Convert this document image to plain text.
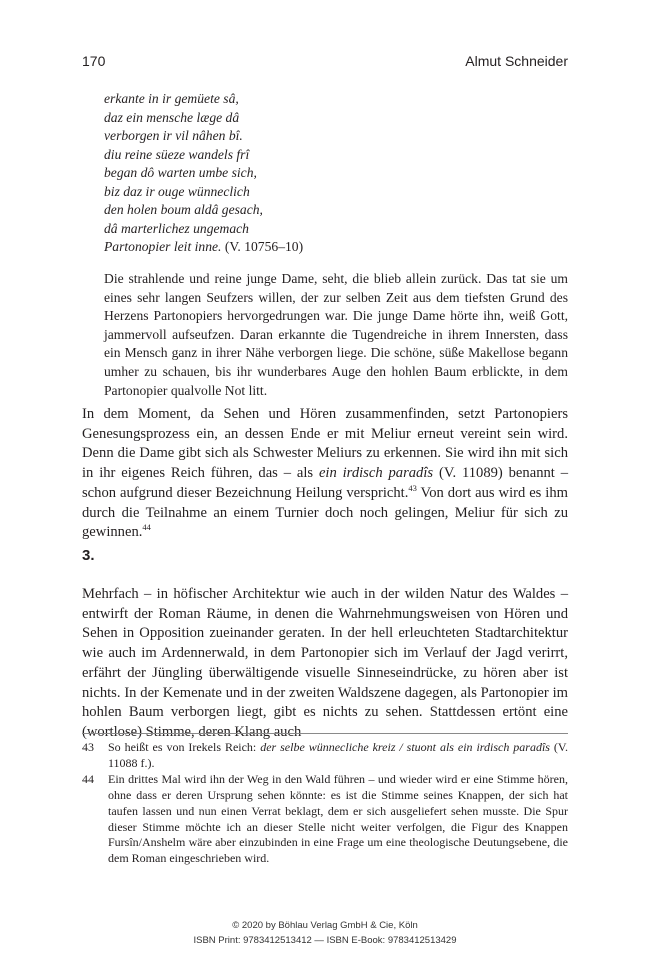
170	Almut Schneider
erkante in ir gemüete sâ,
daz ein mensche læge dâ
verborgen ir vil nâhen bî.
diu reine süeze wandels frî
began dô warten umbe sich,
biz daz ir ouge wünneclich
den holen boum aldâ gesach,
dâ marterlichez ungemach
Partonopier leit inne. (V. 10756–10)
Die strahlende und reine junge Dame, seht, die blieb allein zurück. Das tat sie um eines sehr langen Seufzers willen, der zur selben Zeit aus dem tiefsten Grund des Herzens Partonopiers hervorgedrungen war. Die junge Dame hörte ihn, weiß Gott, jammervoll aufseufzen. Daran erkannte die Tugendreiche in ihrem Innersten, dass ein Mensch ganz in ihrer Nähe verborgen liege. Die schöne, süße Makellose begann umher zu schauen, bis ihr wunderbares Auge den hohlen Baum erblickte, in dem Partonopier qualvolle Not litt.
In dem Moment, da Sehen und Hören zusammenfinden, setzt Partonopiers Genesungsprozess ein, an dessen Ende er mit Meliur erneut vereint sein wird. Denn die Dame gibt sich als Schwester Meliurs zu erkennen. Sie wird ihn mit sich in ihr eigenes Reich führen, das – als ein irdisch paradîs (V. 11089) benannt – schon aufgrund dieser Bezeichnung Heilung verspricht.$^{43}$ Von dort aus wird es ihm durch die Teilnahme an einem Turnier doch noch gelingen, Meliur für sich zu gewinnen.$^{44}$
3.
Mehrfach – in höfischer Architektur wie auch in der wilden Natur des Waldes – entwirft der Roman Räume, in denen die Wahrnehmungsweisen von Hören und Sehen in Opposition zueinander geraten. In der hell erleuchteten Stadtarchitektur wie auch im Ardennerwald, in dem Partonopier sich im Verlauf der Jagd verirrt, erfährt der Jüngling überwältigende visuelle Sinneseindrücke, zu hören aber ist nichts. In der Kemenate und in der zweiten Waldszene dagegen, als Partonopier im hohlen Baum verborgen liegt, gibt es nichts zu sehen. Stattdessen ertönt eine (wortlose) Stimme, deren Klang auch
43	So heißt es von Irekels Reich: der selbe wünnecliche kreiz / stuont als ein irdisch paradîs (V. 11088 f.).
44	Ein drittes Mal wird ihn der Weg in den Wald führen – und wieder wird er eine Stimme hören, ohne dass er deren Ursprung sehen könnte: es ist die Stimme seines Knappen, der sich hat taufen lassen und nun einen Verrat beklagt, dem er sich ausgeliefert sehen musste. Die Spur dieser Stimme möchte ich an dieser Stelle nicht weiter verfolgen, die Figur des Knappen Fursîn/Anshelm wäre aber einzubinden in eine Frage um eine theologische Deutungsebene, die dem Roman eingeschrieben wird.
© 2020 by Böhlau Verlag GmbH & Cie, Köln
ISBN Print: 9783412513412 — ISBN E-Book: 9783412513429
